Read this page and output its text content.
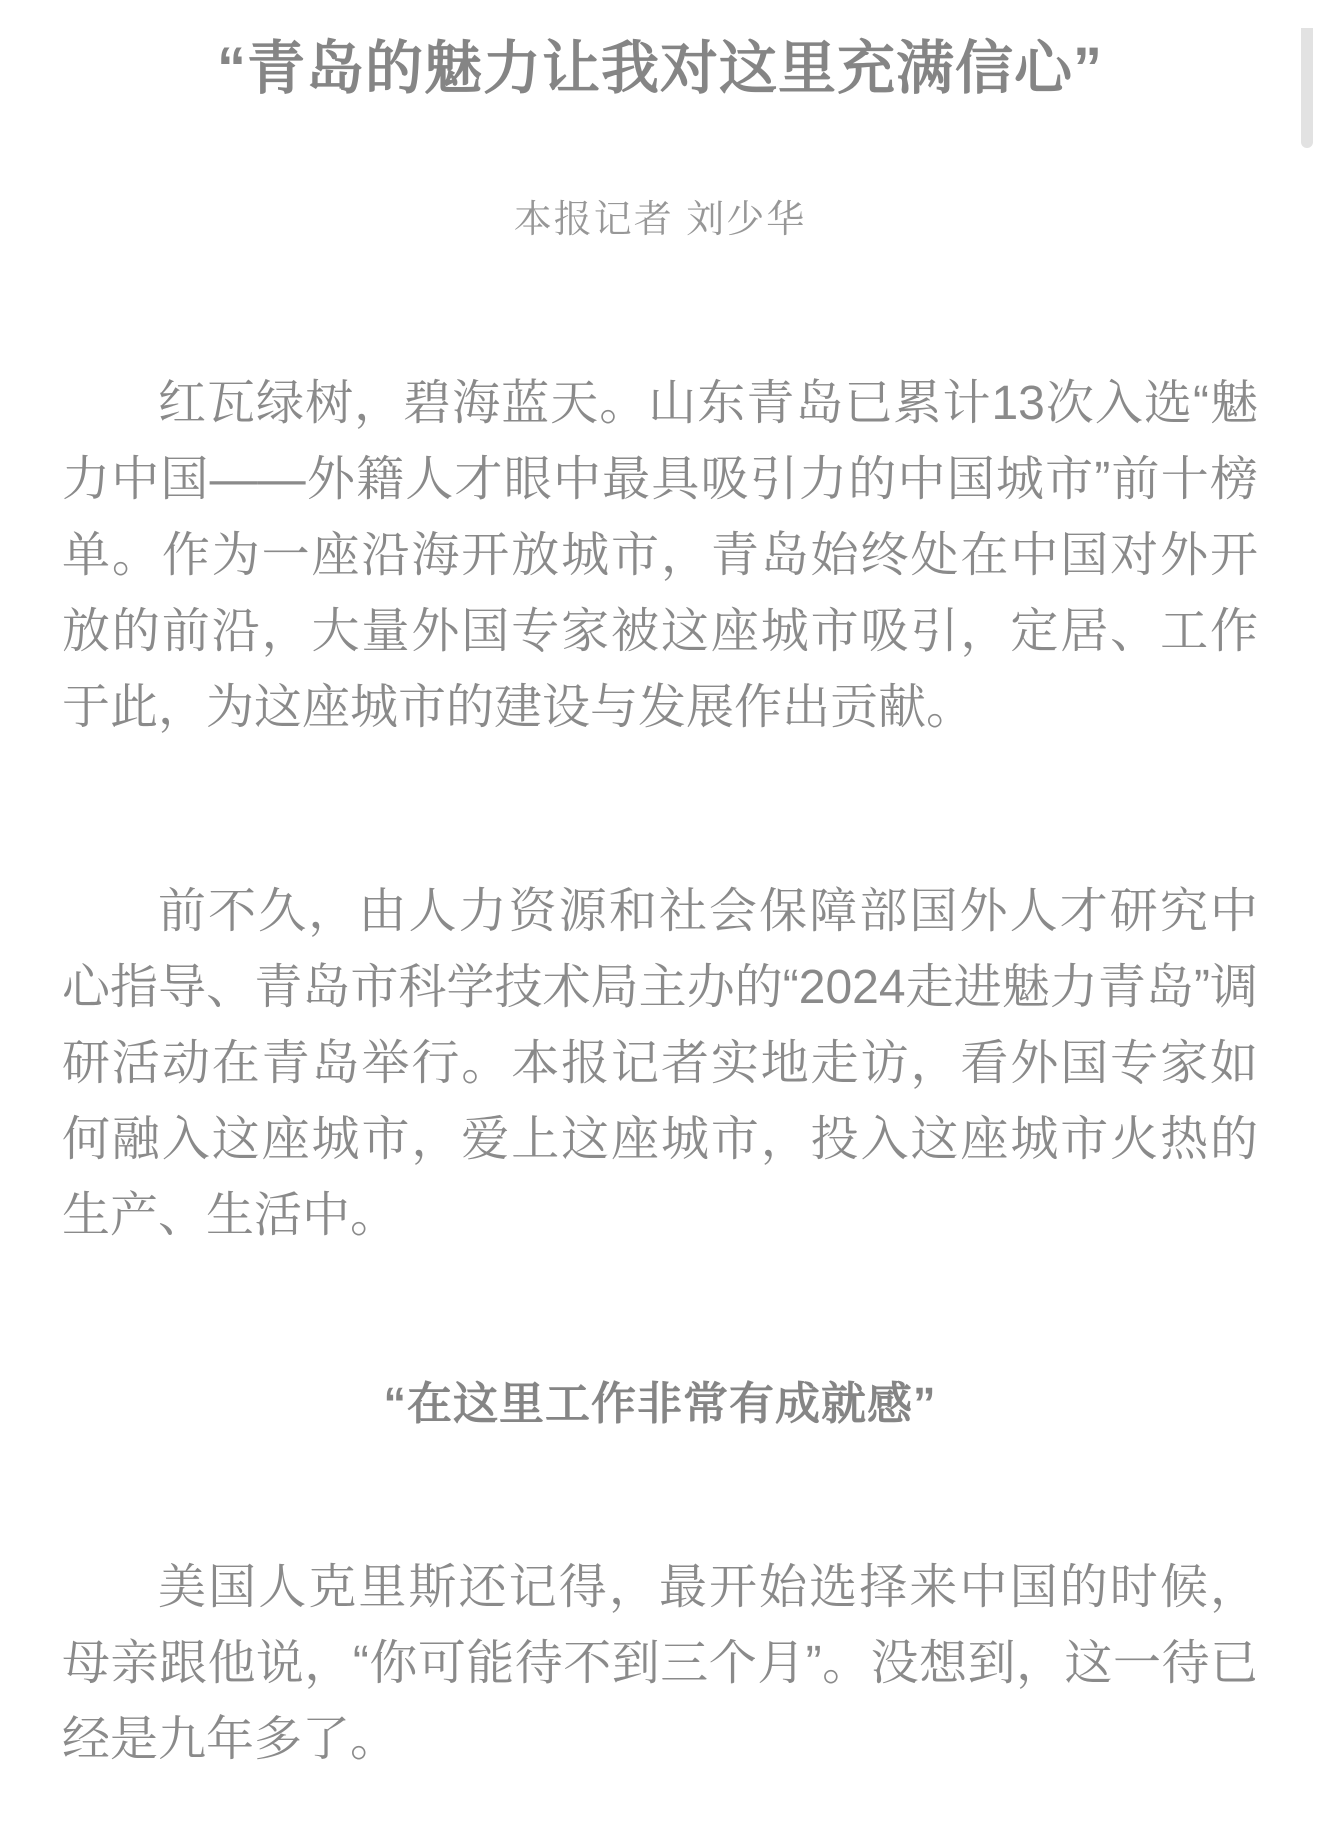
“青岛的魅力让我对这里充满信心”
本报记者 刘少华

红瓦绿树，碧海蓝天。山东青岛已累计13次入选“魅力中国——外籍人才眼中最具吸引力的中国城市”前十榜单。作为一座沿海开放城市，青岛始终处在中国对外开放的前沿，大量外国专家被这座城市吸引，定居、工作于此，为这座城市的建设与发展作出贡献。

前不久，由人力资源和社会保障部国外人才研究中心指导、青岛市科学技术局主办的“2024走进魅力青岛”调研活动在青岛举行。本报记者实地走访，看外国专家如何融入这座城市，爱上这座城市，投入这座城市火热的生产、生活中。

“在这里工作非常有成就感”

美国人克里斯还记得，最开始选择来中国的时候，母亲跟他说，“你可能待不到三个月”。没想到，这一待已经是九年多了。
